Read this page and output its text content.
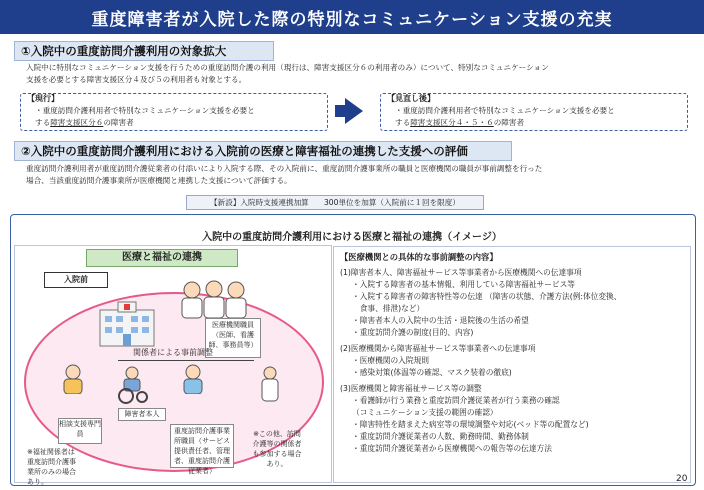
重度障害者が入院した際の特別なコミュニケーション支援の充実
①入院中の重度訪問介護利用の対象拡大
入院中に特別なコミュニケーション支援を行うための重度訪問介護の利用（現行は、障害支援区分６の利用者のみ）について、特別なコミュニケーション
支援を必要とする障害支援区分４及び５の利用者も対象とする。
【現行】
・重度訪問介護利用者で特別なコミュニケーション支援を必要と
する障害支援区分６の障害者
【見直し後】
・重度訪問介護利用者で特別なコミュニケーション支援を必要と
する障害支援区分４・５・６の障害者
②入院中の重度訪問介護利用における入院前の医療と障害福祉の連携した支援への評価
重度訪問介護利用者が重度訪問介護従業者の付添いにより入院する際、その入院前に、重度訪問介護事業所の職員と医療機関の職員が事前調整を行った
場合、当該重度訪問介護事業所が医療機関と連携した支援について評価する。
【新設】入院時支援連携加算　　300単位を加算（入院前に１回を限度）
入院中の重度訪問介護利用における医療と福祉の連携（イメージ）
医療と福祉の連携
入院前
医療機関職員（医師、看護師、事務員等）
関係者による事前調整
相談支援専門員
障害者本人
重度訪問介護事業所職員（サービス提供責任者、管理者、重度訪問介護従業者）
※この他、訪問介護等の関係者も参加する場合あり。
※福祉関係者は重度訪問介護事業所のみの場合あり。
【医療機関との具体的な事前調整の内容】
(1)障害者本人、障害福祉サービス等事業者から医療機関への伝達事項
・入院する障害者の基本情報、利用している障害福祉サービス等
・入院する障害者の障害特性等の伝達 （障害の状態、介護方法(例:体位変換、
　食事、排泄)など）
・障害者本人の入院中の生活・退院後の生活の希望
・重度訪問介護の制度(目的、内容)
(2)医療機関から障害福祉サービス等事業者への伝達事項
・医療機関の入院規則
・感染対策(体温等の確認、マスク装着の徹底)
(3)医療機関と障害福祉サービス等の調整
・看護師が行う業務と重度訪問介護従業者が行う業務の確認
（コミュニケーション支援の範囲の確認）
・障害特性を踏まえた病室等の環境調整や対応(ベッド等の配置など)
・重度訪問介護従業者の人数、勤務時間、勤務体制
・重度訪問介護従業者から医療機関への報告等の伝達方法
20
